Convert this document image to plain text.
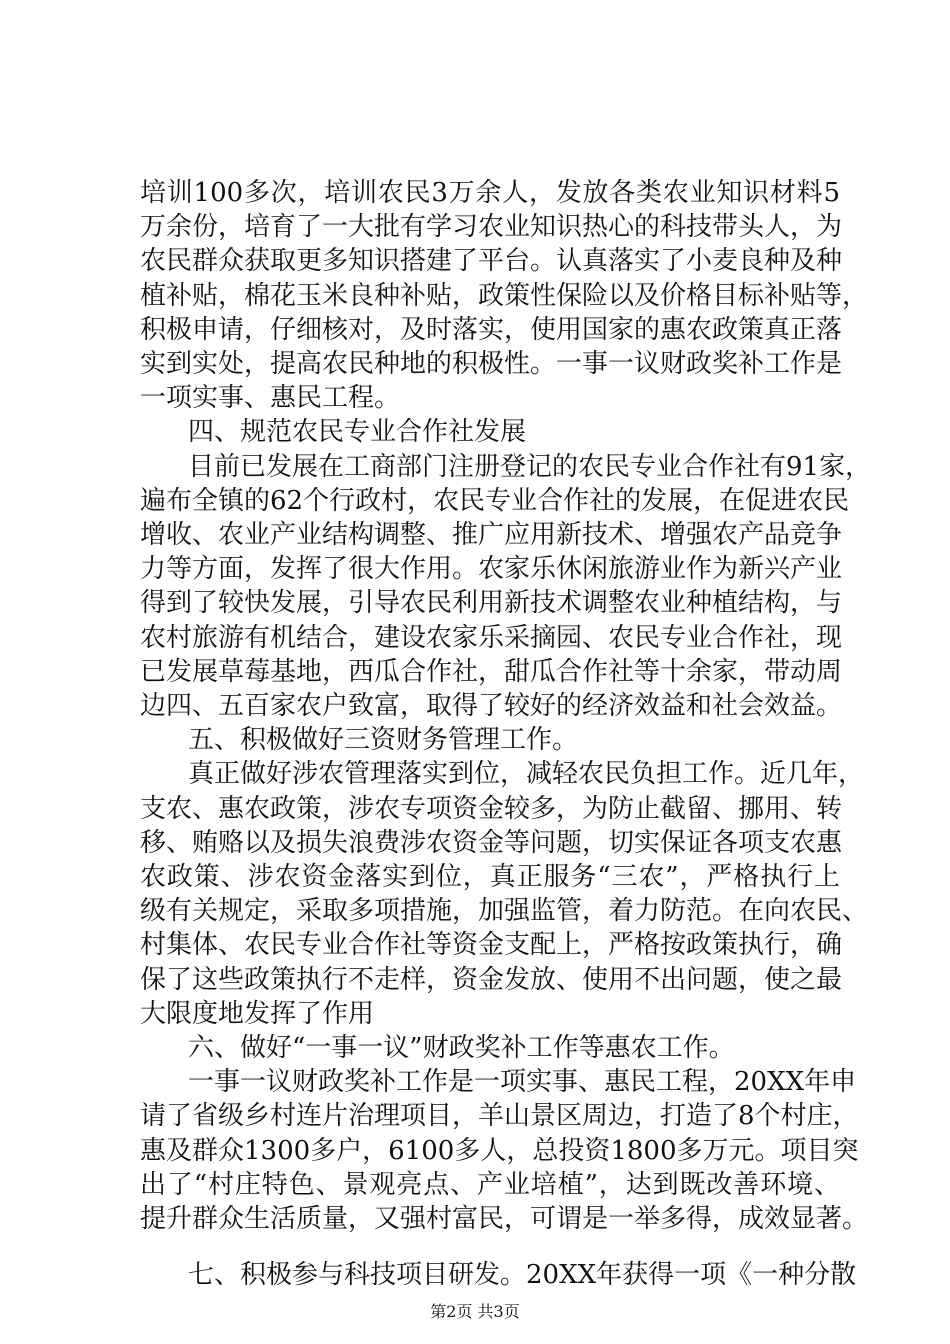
培训100多次，培训农民3万余人，发放各类农业知识材料5
万余份，培育了一大批有学习农业知识热心的科技带头人，为
农民群众获取更多知识搭建了平台。认真落实了小麦良种及种
植补贴，棉花玉米良种补贴，政策性保险以及价格目标补贴等，
积极申请，仔细核对，及时落实，使用国家的惠农政策真正落
实到实处，提高农民种地的积极性。一事一议财政奖补工作是
一项实事、惠民工程。
四、规范农民专业合作社发展
目前已发展在工商部门注册登记的农民专业合作社有91家，
遍布全镇的62个行政村，农民专业合作社的发展，在促进农民
增收、农业产业结构调整、推广应用新技术、增强农产品竞争
力等方面，发挥了很大作用。农家乐休闲旅游业作为新兴产业
得到了较快发展，引导农民利用新技术调整农业种植结构，与
农村旅游有机结合，建设农家乐采摘园、农民专业合作社，现
已发展草莓基地，西瓜合作社，甜瓜合作社等十余家，带动周
边四、五百家农户致富，取得了较好的经济效益和社会效益。
五、积极做好三资财务管理工作。
真正做好涉农管理落实到位，减轻农民负担工作。近几年，
支农、惠农政策，涉农专项资金较多，为防止截留、挪用、转
移、贿赂以及损失浪费涉农资金等问题，切实保证各项支农惠
农政策、涉农资金落实到位，真正服务“三农”，严格执行上
级有关规定，采取多项措施，加强监管，着力防范。在向农民、
村集体、农民专业合作社等资金支配上，严格按政策执行，确
保了这些政策执行不走样，资金发放、使用不出问题，使之最
大限度地发挥了作用
六、做好“一事一议”财政奖补工作等惠农工作。
一事一议财政奖补工作是一项实事、惠民工程，20XX年申
请了省级乡村连片治理项目，羊山景区周边，打造了8个村庄，
惠及群众1300多户，6100多人，总投资1800多万元。项目突
出了“村庄特色、景观亮点、产业培植”，达到既改善环境、
提升群众生活质量，又强村富民，可谓是一举多得，成效显著。
七、积极参与科技项目研发。20XX年获得一项《一种分散
第2页 共3页
